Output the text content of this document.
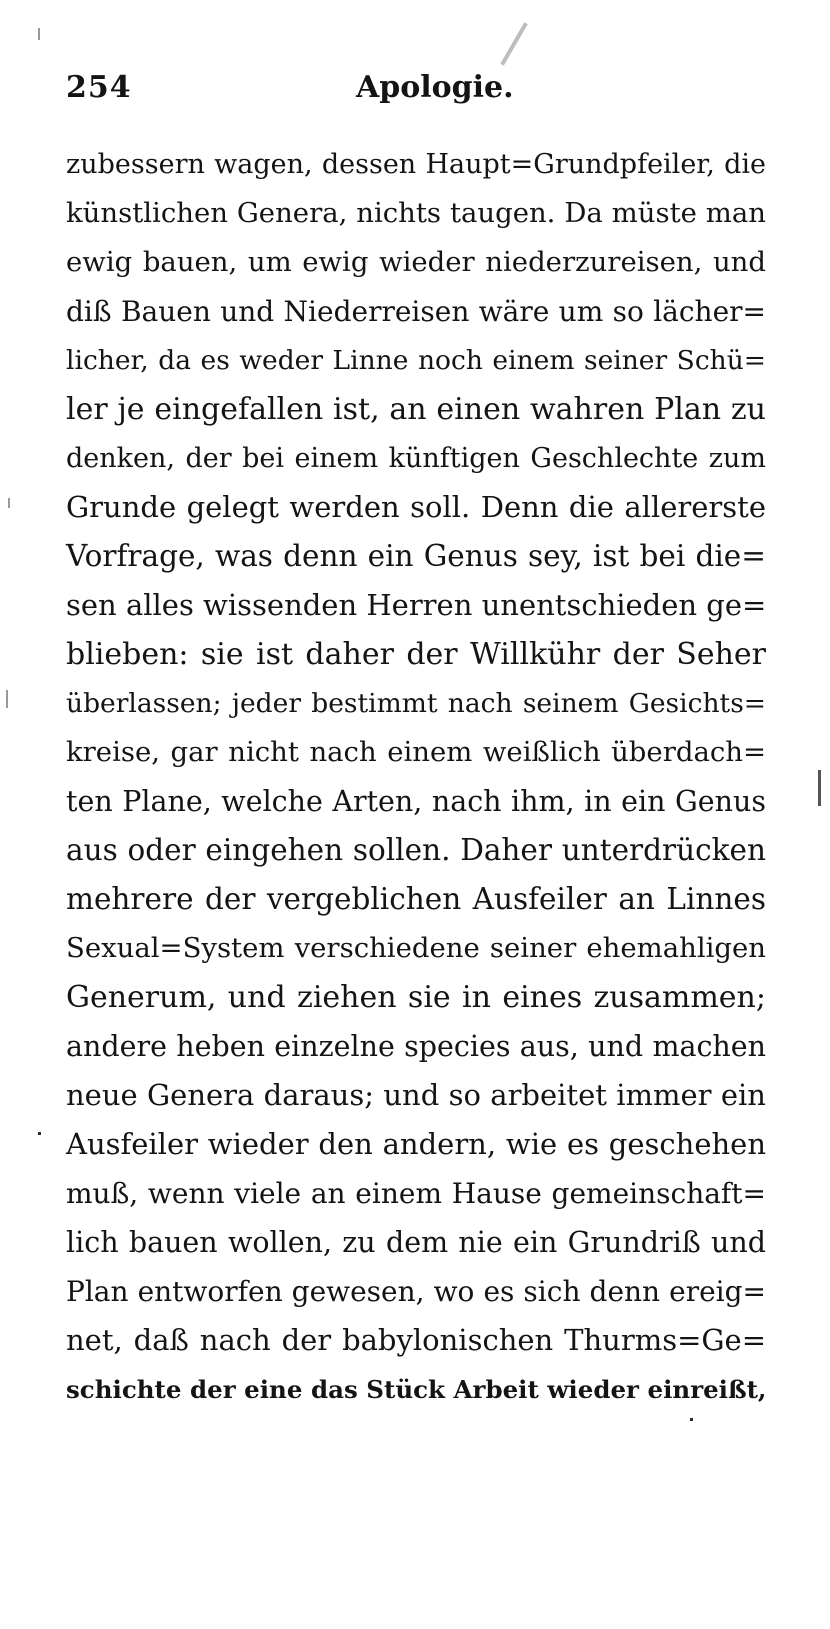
254	Apologie.
zubessern wagen, dessen Haupt=Grundpfeiler, die
künstlichen Genera, nichts taugen. Da müste man
ewig bauen, um ewig wieder niederzureisen, und
diß Bauen und Niederreisen wäre um so lächer=
licher, da es weder Linne noch einem seiner Schü=
ler je eingefallen ist, an einen wahren Plan zu
denken, der bei einem künftigen Geschlechte zum
Grunde gelegt werden soll. Denn die allererste
Vorfrage, was denn ein Genus sey, ist bei die=
sen alles wissenden Herren unentschieden ge=
blieben: sie ist daher der Willkühr der Seher
überlassen; jeder bestimmt nach seinem Gesichts=
kreise, gar nicht nach einem weißlich überdach=
ten Plane, welche Arten, nach ihm, in ein Genus
aus oder eingehen sollen. Daher unterdrücken
mehrere der vergeblichen Ausfeiler an Linnes
Sexual=System verschiedene seiner ehemahligen
Generum, und ziehen sie in eines zusammen;
andere heben einzelne species aus, und machen
neue Genera daraus; und so arbeitet immer ein
Ausfeiler wieder den andern, wie es geschehen
muß, wenn viele an einem Hause gemeinschaft=
lich bauen wollen, zu dem nie ein Grundriß und
Plan entworfen gewesen, wo es sich denn ereig=
net, daß nach der babylonischen Thurms=Ge=
schichte der eine das Stück Arbeit wieder einreißt,
